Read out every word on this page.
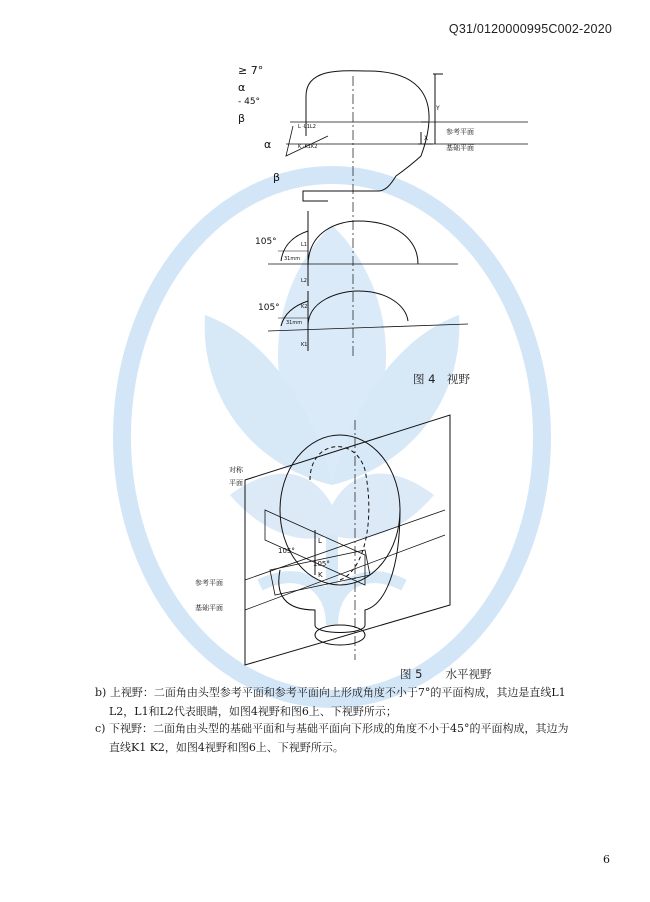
Q31/0120000995C002-2020
≥ 7°
α
- 45°
β
α
β
Y
X
参考平面
基础平面
L ·L1L2
K ·K1K2
105°
31mm
L1
L2
105°
31mm
K2
K1
图 4　视野
对称
平面
参考平面
基础平面
105°
105°
L
K
图 5　　水平视野
b) 上视野：二面角由头型参考平面和参考平面向上形成角度不小于7°的平面构成，其边是直线L1
L2，L1和L2代表眼睛，如图4视野和图6上、下视野所示；
c) 下视野：二面角由头型的基础平面和与基础平面向下形成的角度不小于45°的平面构成，其边为
直线K1 K2，如图4视野和图6上、下视野所示。
6
